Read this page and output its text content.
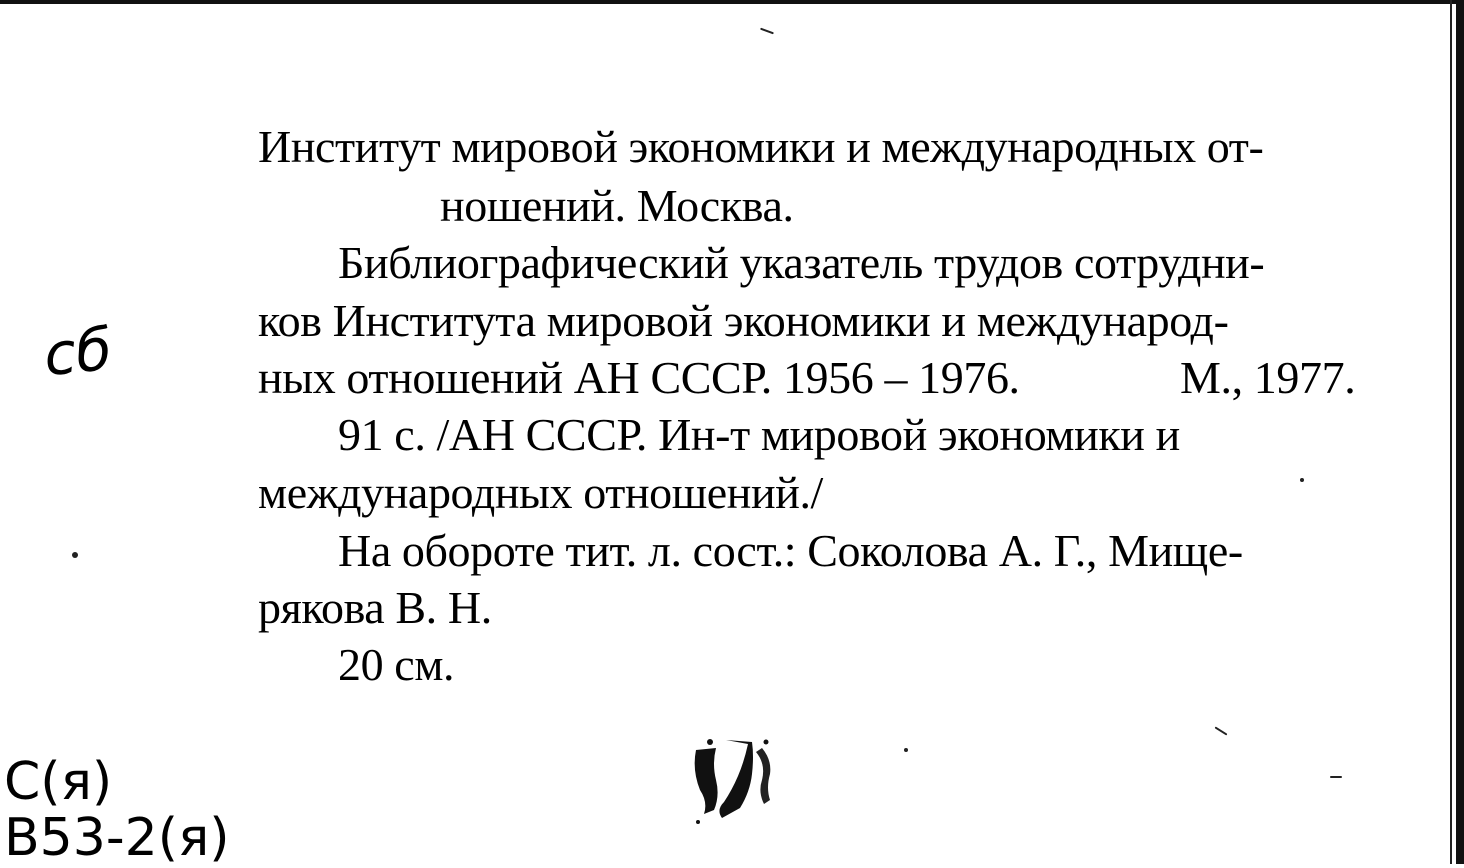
Институт мировой экономики и международных от-
ношений. Москва.
Библиографический указатель трудов сотрудни-
ков Института мировой экономики и международ-
ных отношений АН СССР. 1956 – 1976.	М., 1977.
91 с. /АН СССР. Ин-т мировой экономики и
международных отношений./
На обороте тит. л. сост.: Соколова А. Г., Мище-
рякова В. Н.
20 см.
сб
С(я)
В53-2(я)
